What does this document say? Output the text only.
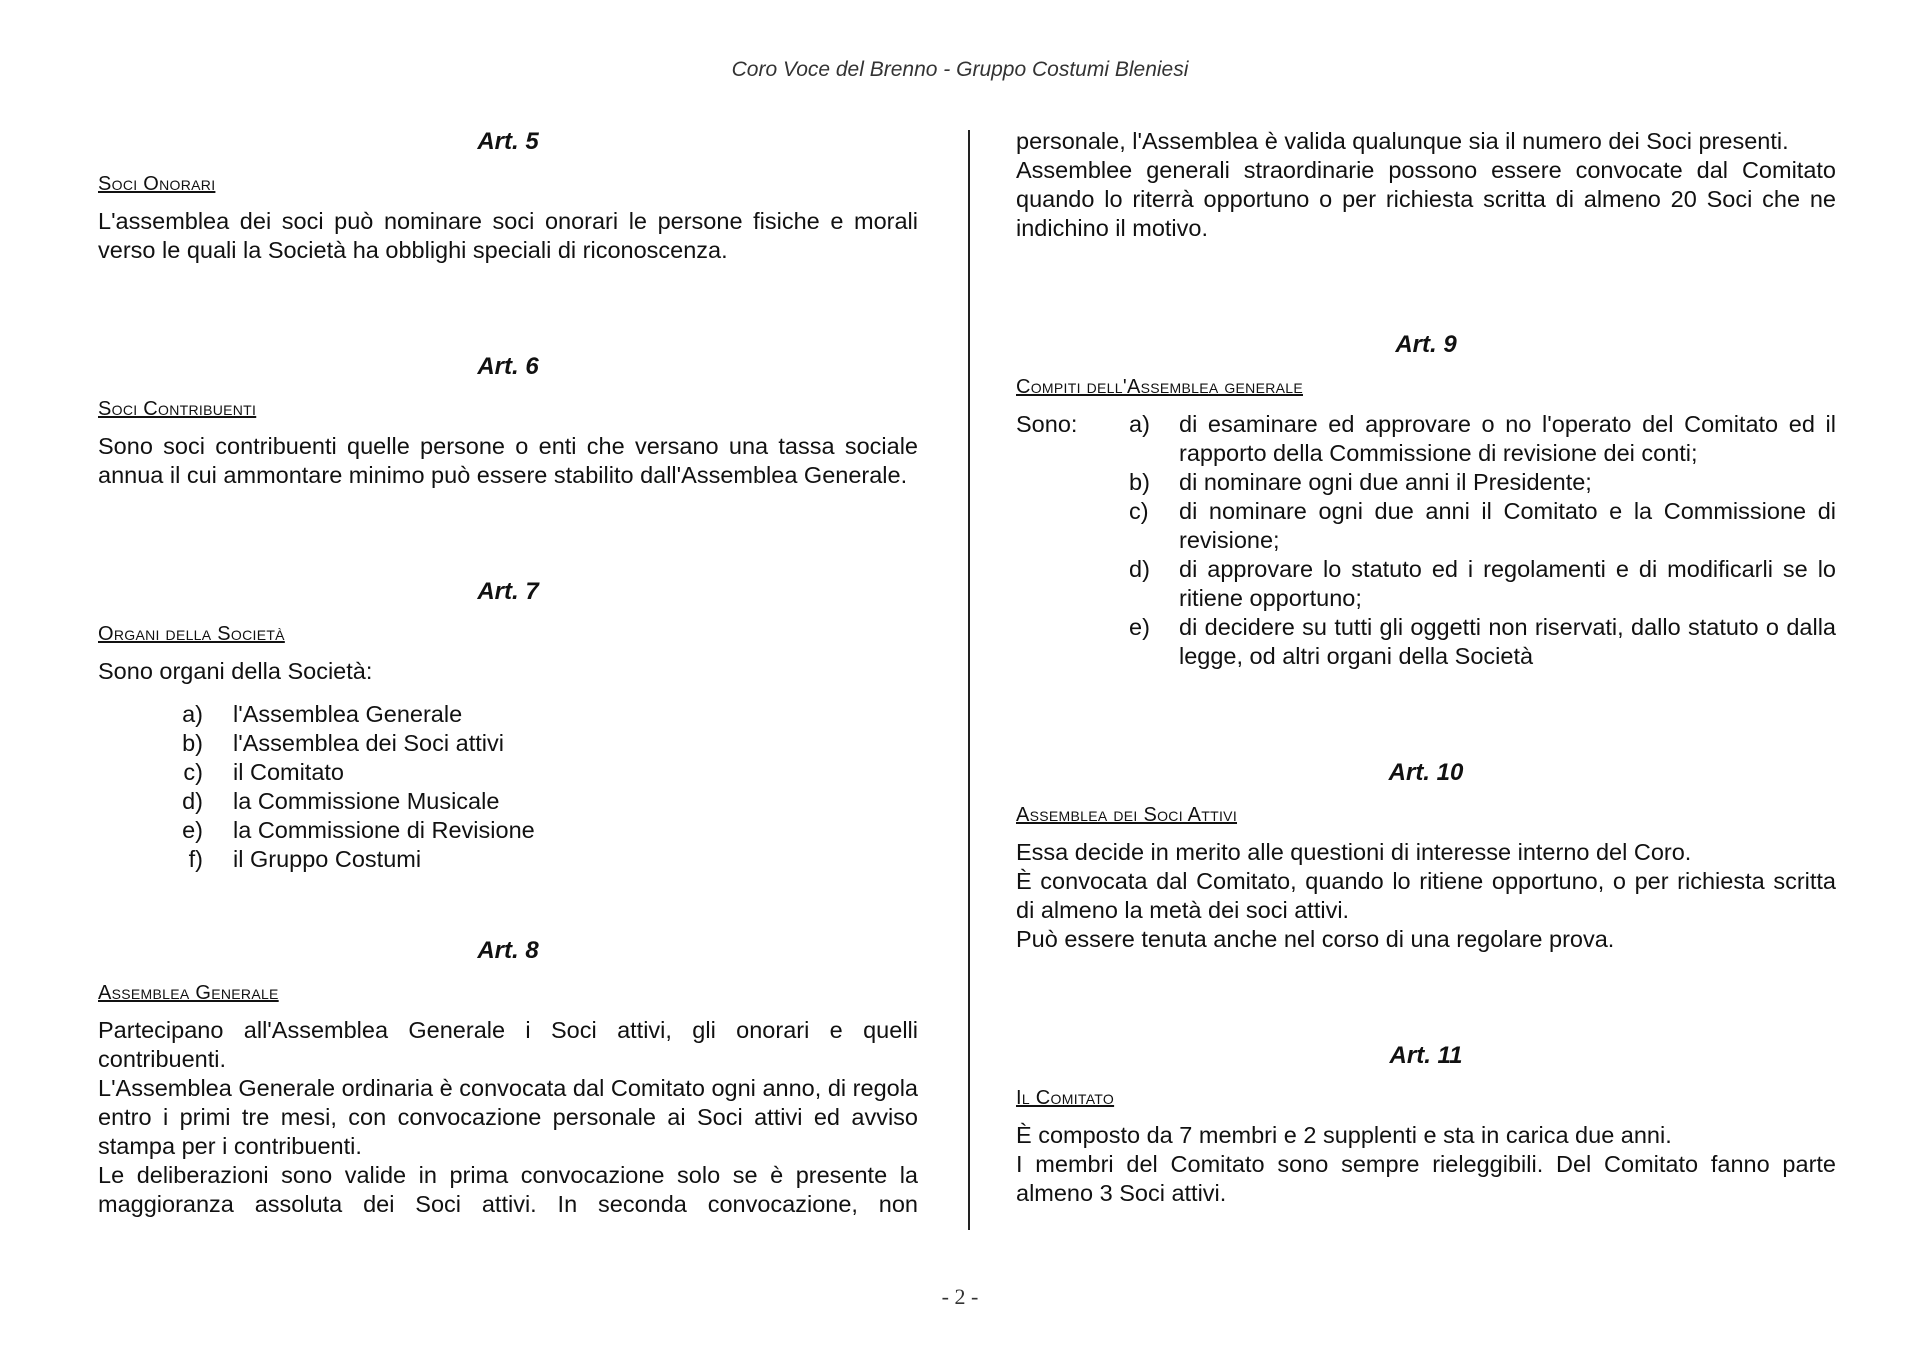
Coro Voce del Brenno - Gruppo Costumi Bleniesi
Art. 5
Soci Onorari

L'assemblea dei soci può nominare soci onorari le persone fisiche e morali verso le quali la Società ha obblighi speciali di riconoscenza.

Art. 6
Soci Contribuenti

Sono soci contribuenti quelle persone o enti che versano una tassa sociale annua il cui ammontare minimo può essere stabilito dall'Assemblea Generale.

Art. 7
Organi della Società

Sono organi della Società:

a)	l'Assemblea Generale
b)	l'Assemblea dei Soci attivi
c)	il Comitato
d)	la Commissione Musicale
e)	la Commissione di Revisione
f)	il Gruppo Costumi
Art. 8
Assemblea Generale

Partecipano all'Assemblea Generale i Soci attivi, gli onorari e quelli contribuenti.

L'Assemblea Generale ordinaria è convocata dal Comitato ogni anno, di regola entro i primi tre mesi, con convocazione personale ai Soci attivi ed avviso stampa per i contribuenti.

Le deliberazioni sono valide in prima convocazione solo se è presente la maggioranza assoluta dei Soci attivi. In seconda convocazione, non

personale, l'Assemblea è valida qualunque sia il numero dei Soci presenti.

Assemblee generali straordinarie possono essere convocate dal Comitato quando lo riterrà opportuno o per richiesta scritta di almeno 20 Soci che ne indichino il motivo.

Art. 9
Compiti dell'Assemblea generale
Sono:	a)	di esaminare ed approvare o no l'operato del Comitato ed il rapporto della Commissione di revisione dei conti;
b)	di nominare ogni due anni il Presidente;
c)	di nominare ogni due anni il Comitato e la Commissione di revisione;
d)	di approvare lo statuto ed i regolamenti e di modificarli se lo ritiene opportuno;
e)	di decidere su tutti gli oggetti non riservati, dallo statuto o dalla legge, od altri organi della Società
Art. 10
Assemblea dei Soci Attivi

Essa decide in merito alle questioni di interesse interno del Coro.

È convocata dal Comitato, quando lo ritiene opportuno, o per richiesta scritta di almeno la metà dei soci attivi.

Può essere tenuta anche nel corso di una regolare prova.

Art. 11
Il Comitato

È composto da 7 membri e 2 supplenti e sta in carica due anni.

I membri del Comitato sono sempre rieleggibili. Del Comitato fanno parte almeno 3 Soci attivi.

- 2 -
